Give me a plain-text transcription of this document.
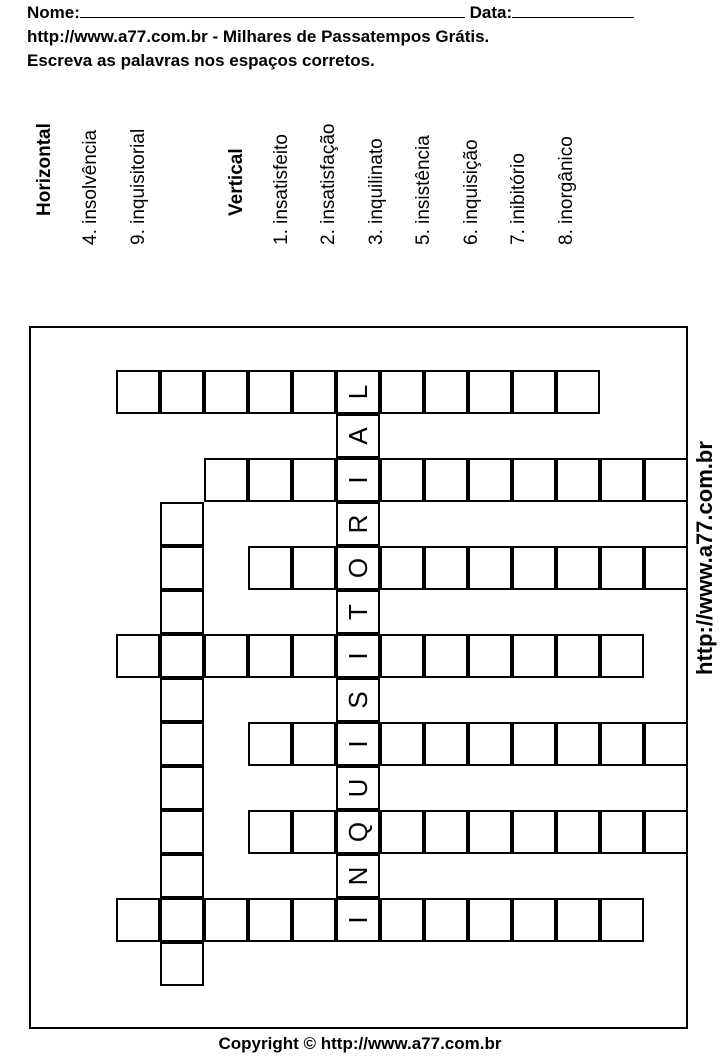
Nome:	Data:
http://www.a77.com.br - Milhares de Passatempos Grátis.
Escreva as palavras nos espaços corretos.
Horizontal 4. insolvência 9. inquisitorial	Vertical 1. insatisfeito 2. insatisfação 3. inquilinato 5. insistência 6. inquisição 7. inibitório 8. inorgânico
L
I
O
I
I
Q
I
A
R
T
S
U
N
http://www.a77.com.br
Copyright © http://www.a77.com.br
